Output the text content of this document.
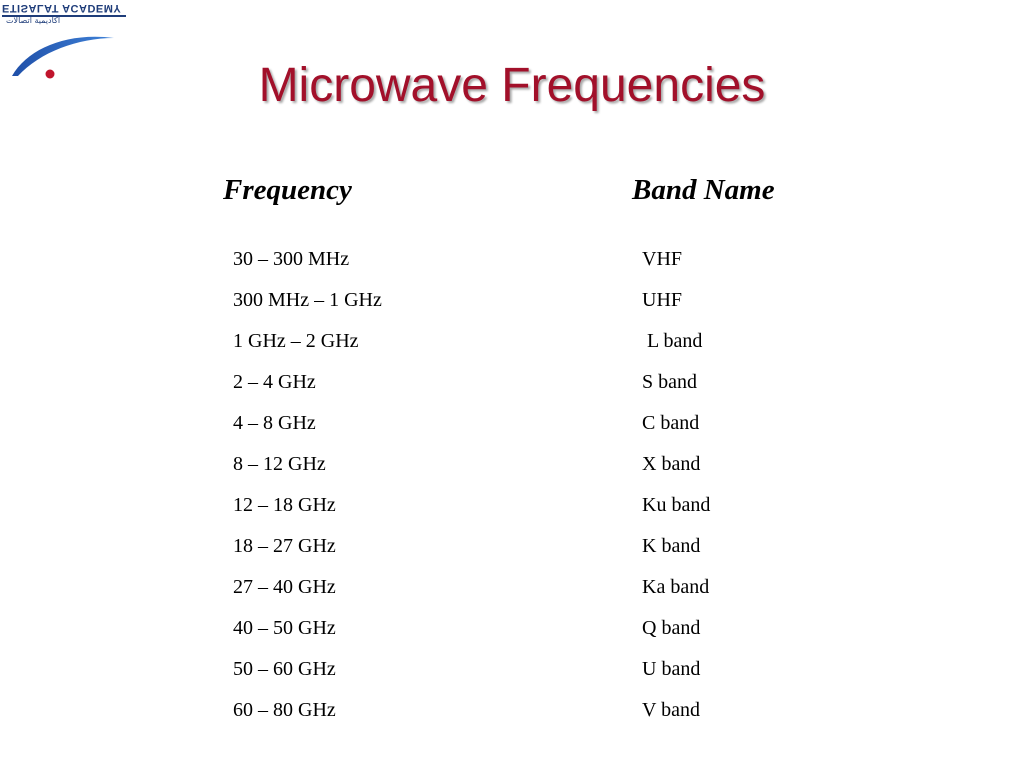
ETISALAT ACADEMY
أكاديمية اتصالات
Microwave Frequencies
Frequency	Band Name
30 – 300 MHz	VHF
300 MHz – 1 GHz	UHF
1 GHz – 2 GHz	L band
2 – 4 GHz	S band
4 – 8 GHz	C band
8 – 12 GHz	X band
12 – 18 GHz	Ku band
18 – 27 GHz	K band
27 – 40 GHz	Ka band
40 – 50 GHz	Q band
50 – 60 GHz	U band
60 – 80 GHz	V band
